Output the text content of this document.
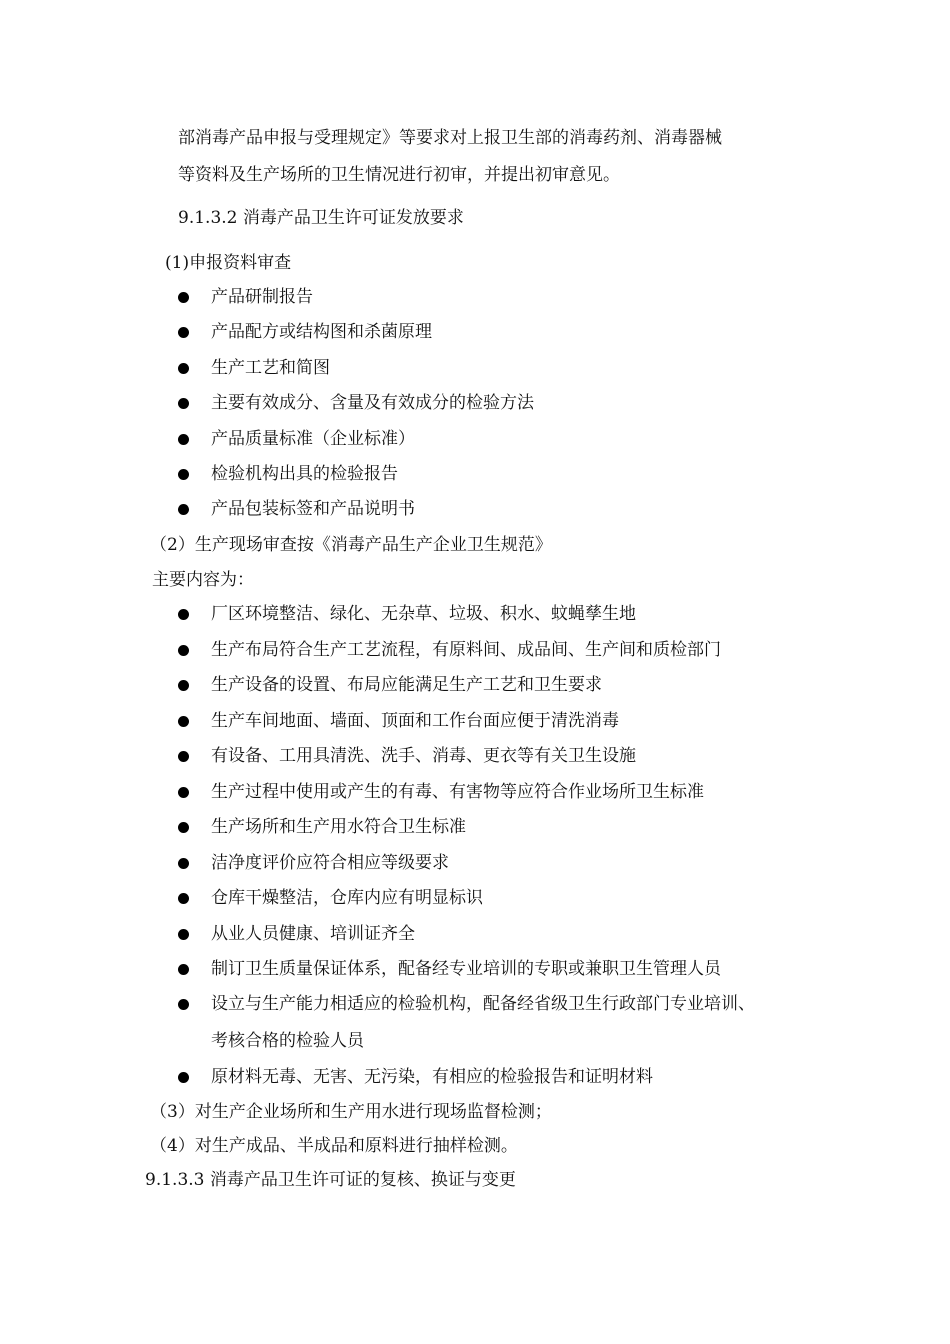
部消毒产品申报与受理规定》等要求对上报卫生部的消毒药剂、消毒器械
等资料及生产场所的卫生情况进行初审，并提出初审意见。
9.1.3.2 消毒产品卫生许可证发放要求
(1)申报资料审查
产品研制报告
产品配方或结构图和杀菌原理
生产工艺和简图
主要有效成分、含量及有效成分的检验方法
产品质量标准（企业标准）
检验机构出具的检验报告
产品包装标签和产品说明书
（2）生产现场审查按《消毒产品生产企业卫生规范》
主要内容为：
厂区环境整洁、绿化、无杂草、垃圾、积水、蚊蝇孳生地
生产布局符合生产工艺流程，有原料间、成品间、生产间和质检部门
生产设备的设置、布局应能满足生产工艺和卫生要求
生产车间地面、墙面、顶面和工作台面应便于清洗消毒
有设备、工用具清洗、洗手、消毒、更衣等有关卫生设施
生产过程中使用或产生的有毒、有害物等应符合作业场所卫生标准
生产场所和生产用水符合卫生标准
洁净度评价应符合相应等级要求
仓库干燥整洁，仓库内应有明显标识
从业人员健康、培训证齐全
制订卫生质量保证体系，配备经专业培训的专职或兼职卫生管理人员
设立与生产能力相适应的检验机构，配备经省级卫生行政部门专业培训、
考核合格的检验人员
原材料无毒、无害、无污染，有相应的检验报告和证明材料
（3）对生产企业场所和生产用水进行现场监督检测；
（4）对生产成品、半成品和原料进行抽样检测。
9.1.3.3 消毒产品卫生许可证的复核、换证与变更
